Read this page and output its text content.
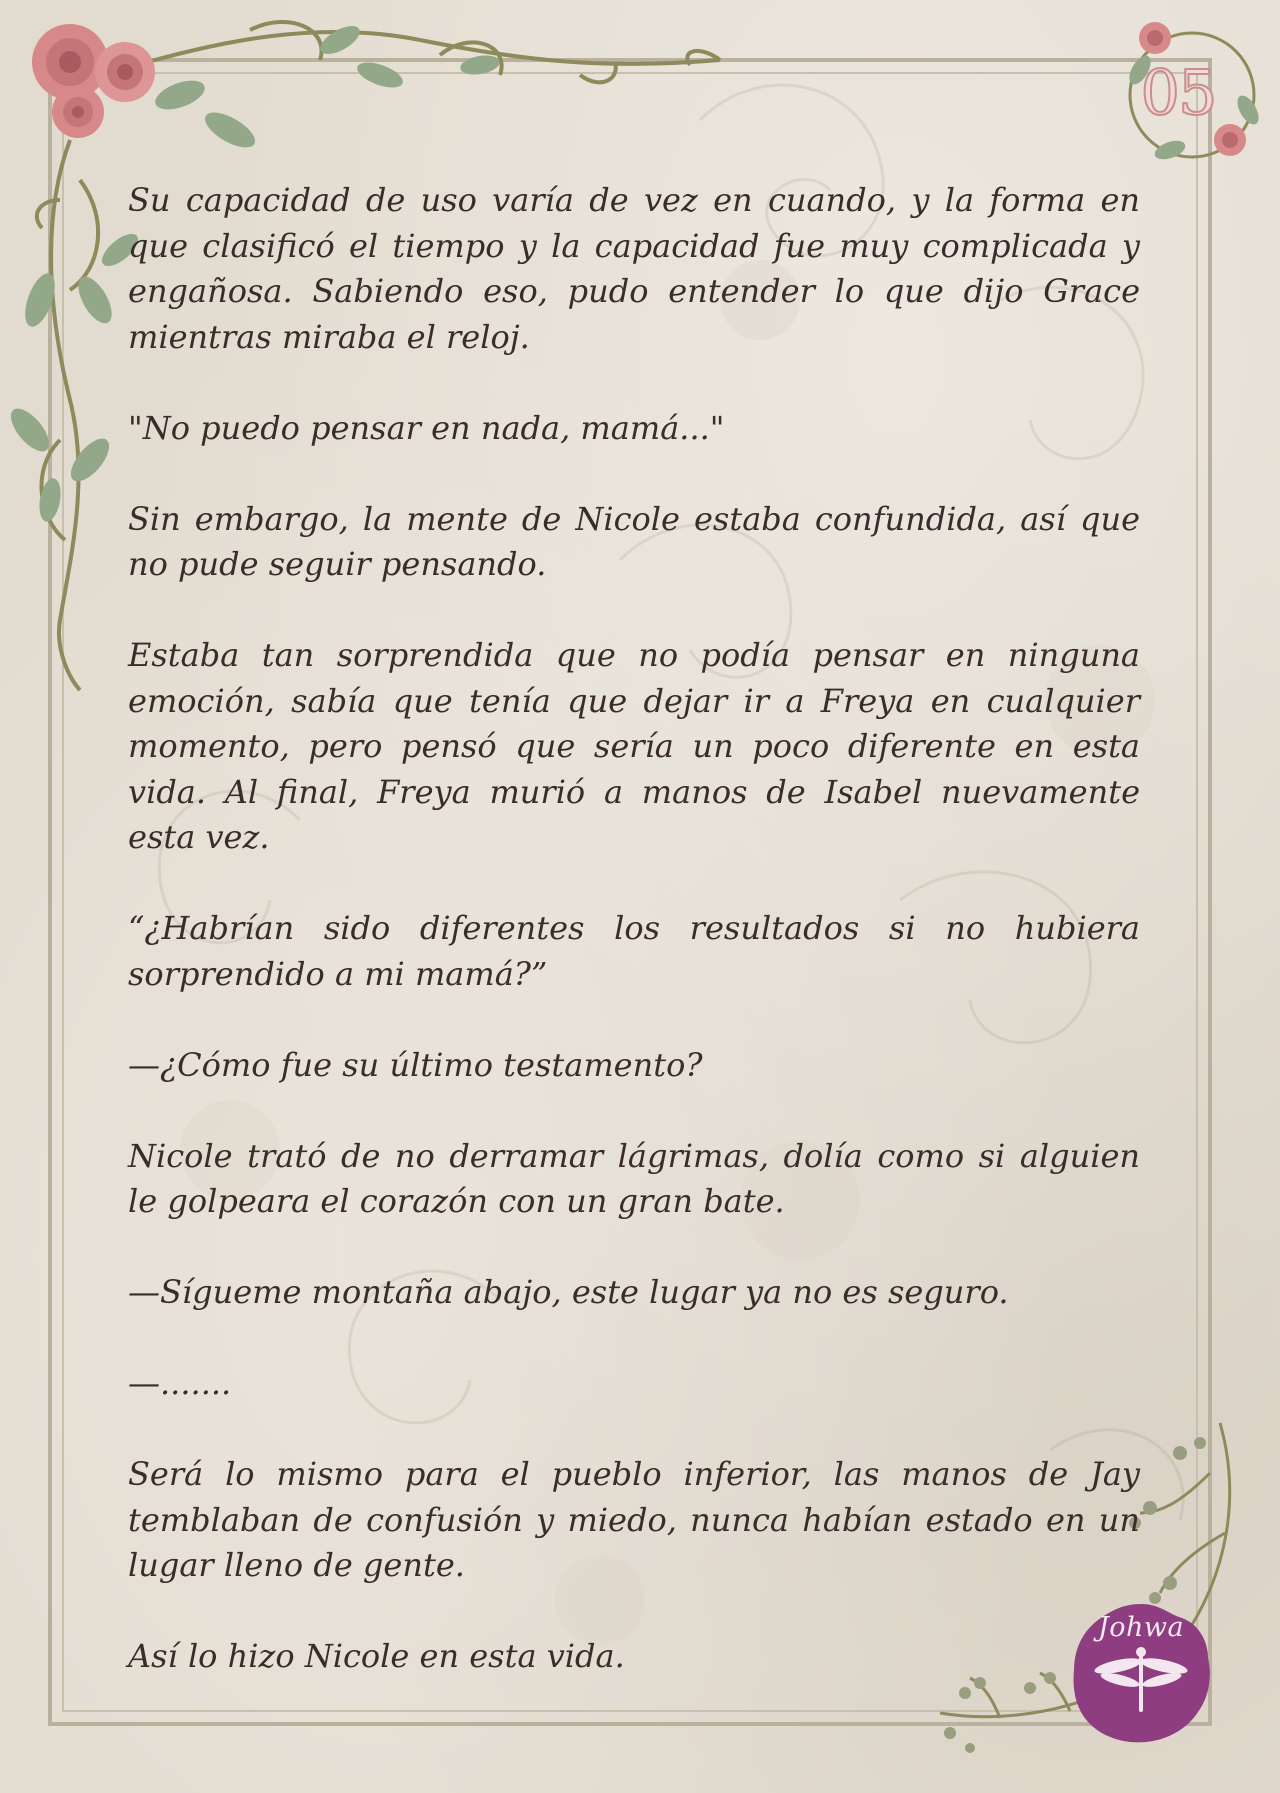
05
Johwa

Su capacidad de uso varía de vez en cuando, y la forma en que clasificó el tiempo y la capacidad fue muy complicada y engañosa. Sabiendo eso, pudo entender lo que dijo Grace mientras miraba el reloj.

"No puedo pensar en nada, mamá..."

Sin embargo, la mente de Nicole estaba confundida, así que no pude seguir pensando.

Estaba tan sorprendida que no podía pensar en ninguna emoción, sabía que tenía que dejar ir a Freya en cualquier momento, pero pensó que sería un poco diferente en esta vida. Al final, Freya murió a manos de Isabel nuevamente esta vez.

“¿Habrían sido diferentes los resultados si no hubiera sorprendido a mi mamá?”

—¿Cómo fue su último testamento?

Nicole trató de no derramar lágrimas, dolía como si alguien le golpeara el corazón con un gran bate.

—Sígueme montaña abajo, este lugar ya no es seguro.

—.......

Será lo mismo para el pueblo inferior, las manos de Jay temblaban de confusión y miedo, nunca habían estado en un lugar lleno de gente.

Así lo hizo Nicole en esta vida.
